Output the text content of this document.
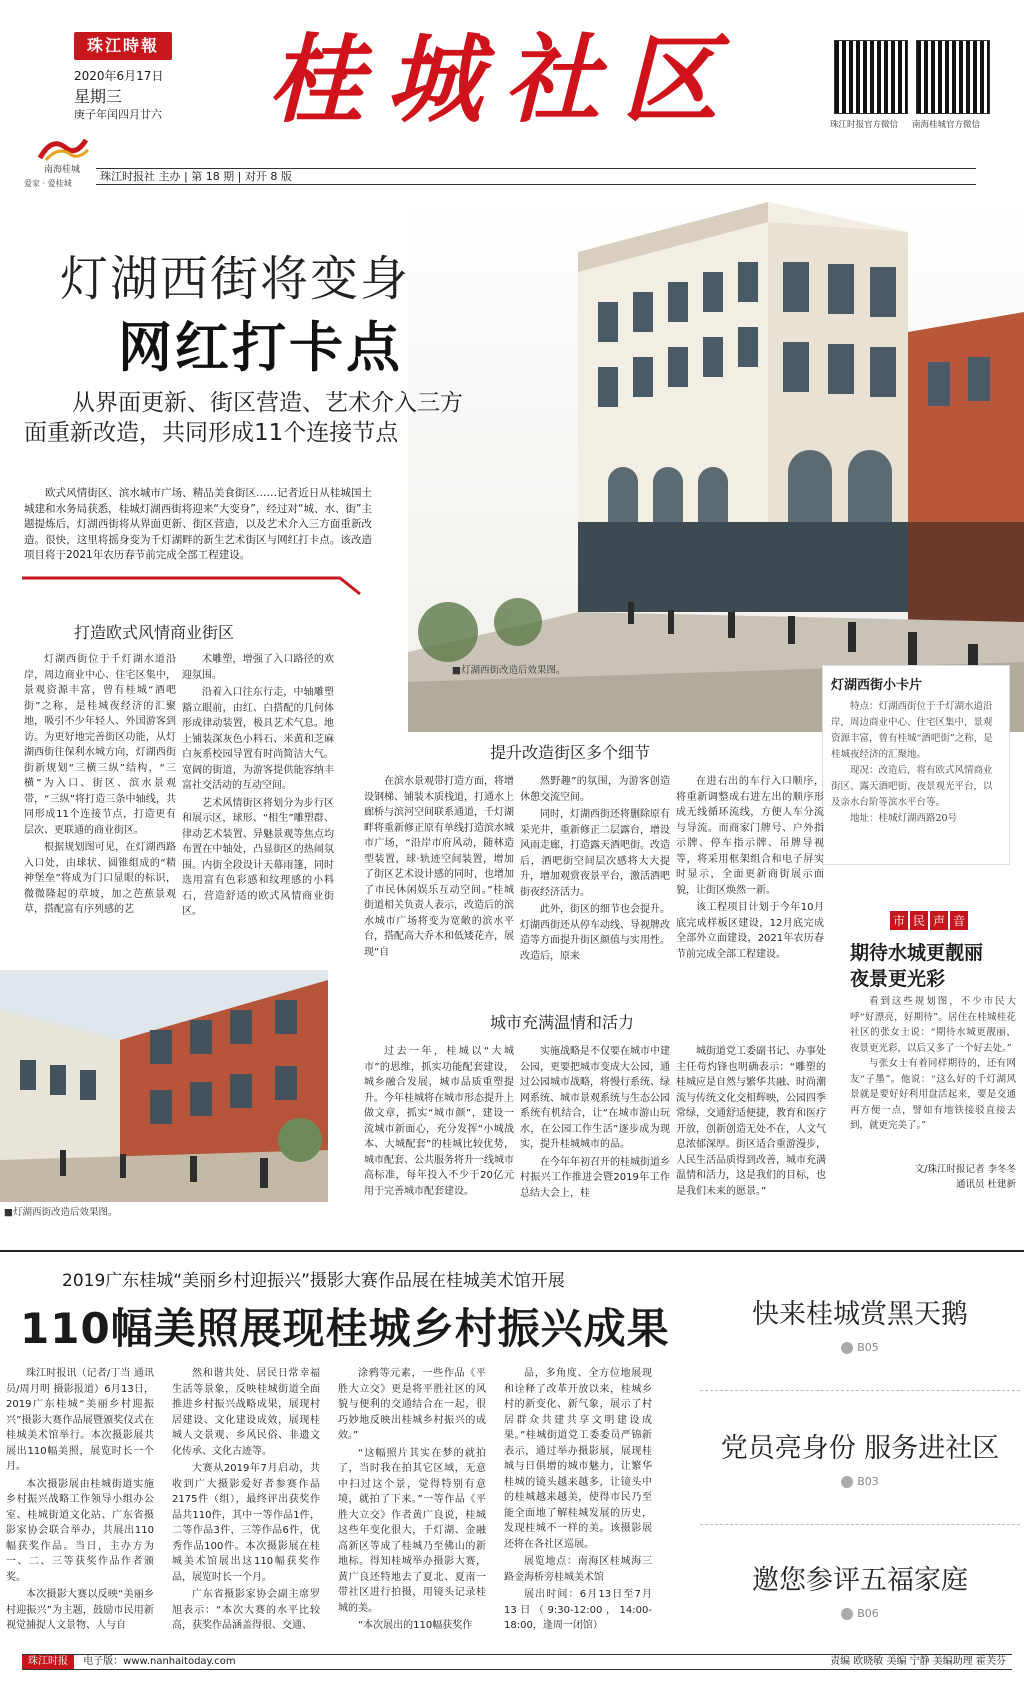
珠江時報
2020年6月17日
星期三
庚子年闰四月廿六 桂城社区	珠江时报官方微信 南海桂城官方微信
南海桂城
爱家 · 爱桂城
珠江时报社 主办 | 第 18 期 | 对开 8 版
灯湖西街将变身
网红打卡点
从界面更新、街区营造、艺术介入三方
面重新改造，共同形成11个连接节点

欧式风情街区、滨水城市广场、精品美食街区……记者近日从桂城国土城建和水务局获悉，桂城灯湖西街将迎来“大变身”，经过对“城、水、街”主题提炼后，灯湖西街将从界面更新、街区营造，以及艺术介入三方面重新改造。很快，这里将摇身变为千灯湖畔的新生艺术街区与网红打卡点。该改造项目将于2021年农历春节前完成全部工程建设。

打造欧式风情商业街区

灯湖西街位于千灯湖水道沿岸，周边商业中心、住宅区集中，景观资源丰富，曾有桂城“酒吧街”之称，是桂城夜经济的汇聚地，吸引不少年轻人、外国游客到访。为更好地完善街区功能，从灯湖西街往保利水城方向，灯湖西街街新规划“三横三纵”结构，“三横”为入口、街区、滨水景观带，“三纵”将打造三条中轴线，共同形成11个连接节点，打造更有层次、更联通的商业街区。

根据规划图可见，在灯湖西路入口处，由球状、圆锥组成的“精神堡垒”将成为门口显眼的标识，微微隆起的草坡，加之芭蕉景观草，搭配富有序列感的艺

术雕塑，增强了入口路径的欢迎氛围。

沿着入口往东行走，中轴雕塑豁立眼前，由红、白搭配的几何体形成律动装置，极具艺术气息。地上铺装深灰色小料石、米黄和芝麻白灰系校园导置有时尚简洁大气。宽阔的街道，为游客提供能容纳丰富社交活动的互动空间。

艺术风情街区将划分为步行区和展示区，球形、“相生”雕塑群、律动艺术装置、异魅景观等焦点均布置在中轴处，凸显街区的热闹氛围。内街全段设计天幕雨篷，同时选用富有色彩感和纹理感的小料石，营造舒适的欧式风情商业街区。

■灯湖西街改造后效果图。
灯湖西街小卡片

特点：灯湖西街位于千灯湖水道沿岸，周边商业中心、住宅区集中，景观资源丰富，曾有桂城“酒吧街”之称，是桂城夜经济的汇聚地。

现况：改造后，将有欧式风情商业街区、露天酒吧街、夜景观光平台，以及亲水台阶等滨水平台等。

地址：桂城灯湖西路20号

提升改造街区多个细节

在滨水景观带打造方面，将增设钢梯、铺装木质栈道，打通水上廊桥与滨河空间联系通道，千灯湖畔将重新修正原有单线打造滨水城市广场，“沿岸市府风动，随林造型装置，球·轨迹空间装置，增加了街区艺术设计感的同时，也增加了市民休闲娱乐互动空间。”桂城街道相关负责人表示，改造后的滨水城市广场将变为宽敞的滨水平台，搭配高大乔木和低矮花卉，展现“自

然野趣”的氛围，为游客创造休憩交流空间。

同时，灯湖西街还将删除原有采光井，重新修正二层露台，增设风雨走廊，打造露天酒吧街。改造后，酒吧街空间层次感将大大提升，增加观赏夜景平台，激活酒吧街夜经济活力。

此外，街区的细节也会提升。灯湖西街还从停车动线、导视牌改造等方面提升街区颜值与实用性。改造后，原来

在进右出的车行入口顺序，将重新调整成右进左出的顺序形成无线循环流线，方便人车分流与导流。而商家门牌号、户外指示牌、停车指示牌、吊牌导视等，将采用框架组合和电子屏实时显示，全面更新商街展示面貌，让街区焕然一新。

该工程项目计划于今年10月底完成样板区建设，12月底完成全部外立面建设，2021年农历春节前完成全部工程建设。

■灯湖西街改造后效果图。
城市充满温情和活力

过去一年，桂城以“大城市”的思维，抓实功能配套建设，城乡融合发展，城市品质重塑提升。今年桂城将在城市形态提升上做文章，抓实“城市颜”，建设一流城市新面心，充分发挥“小城战本、大城配套”的桂城比较优势，城市配套、公共服务将升一线城市高标准，每年投入不少于20亿元用于完善城市配套建设。

实施战略是不仅要在城市中建公园，更要把城市变成大公园，通过公园城市战略，将慢行系统、绿网系统、城市景观系统与生态公园系统有机结合，让“在城市游山玩水，在公园工作生活”逐步成为现实，提升桂城城市的品。

在今年年初召开的桂城街道乡村振兴工作推进会暨2019年工作总结大会上，桂

城街道党工委副书记、办事处主任苟灼锋也明确表示：“雕塑的桂城应是自然与繁华共融、时尚潮流与传统文化交相辉映，公园四季常绿，交通舒适便捷，教育和医疗开放，创新创造无处不在，人文气息浓郁深厚。街区适合重游漫步，人民生活品质得到改善，城市充满温情和活力，这是我们的目标，也是我们未来的愿景。”

市 民 声 音
期待水城更靓丽
夜景更光彩

看到这些规划图，不少市民大呼“好漂亮，好期待”。居住在桂城桂花社区的张女士说：“期待水城更靓丽，夜景更光彩，以后又多了一个好去处。”

与张女士有着同样期待的，还有网友“子墨”。他说：“这么好的千灯湖风景就是要好好利用盘活起来，要是交通再方便一点，譬如有地铁接驳直接去到，就更完美了。”

文/珠江时报记者 李冬冬
通讯员 杜建新
2019广东桂城“美丽乡村迎振兴”摄影大赛作品展在桂城美术馆开展
110幅美照展现桂城乡村振兴成果

珠江时报讯（记者/丁当 通讯员/周月明 摄影报道）6月13日，2019广东桂城“美丽乡村迎振兴”摄影大赛作品展暨颁奖仪式在桂城美术馆举行。本次摄影展共展出110幅美照，展览时长一个月。

本次摄影展由桂城街道实施乡村振兴战略工作领导小组办公室、桂城街道文化站、广东省摄影家协会联合举办，共展出110幅获奖作品。当日，主办方为一、二、三等获奖作品作者颁奖。

本次摄影大赛以反映“美丽乡村迎振兴”为主题，鼓励市民用新视觉捕捉人文景物、人与自

然和谐共处、居民日常幸福生活等景象，反映桂城街道全面推进乡村振兴战略成果，展现村居建设、文化建设成效，展现桂城人文景观、乡风民俗、非遗文化传承、文化古迹等。

大赛从2019年7月启动，共收到广大摄影爱好者参赛作品2175件（组），最终评出获奖作品共110件，其中一等作品1件，二等作品3件，三等作品6件，优秀作品100件。本次摄影展在桂城美术馆展出这110幅获奖作品，展览时长一个月。

广东省摄影家协会副主席罗旭表示：“本次大赛的水平比较高，获奖作品涵盖得很、交通、

涂鸦等元素，一些作品《平胜大立交》更是将平胜社区的风貌与便利的交通结合在一起，很巧妙地反映出桂城乡村振兴的成效。”

“这幅照片其实在梦的就拍了，当时我在拍其它区域，无意中扫过这个景，觉得特别有意境，就拍了下来。”一等作品《平胜大立交》作者黄广良说，桂城这些年变化很大，千灯湖、金融高新区等成了桂城乃至佛山的新地标。得知桂城举办摄影大赛，黄广良还特地去了夏北、夏南一带社区进行拍摄，用镜头记录桂城的美。

“本次展出的110幅获奖作

品，多角度、全方位地展现和诠释了改革开放以来，桂城乡村的新变化、新气象，展示了村居群众共建共享文明建设成果。”桂城街道党工委委员严锦新表示，通过举办摄影展，展现桂城与日俱增的城市魅力，让繁华桂城的镜头越来越多，让镜头中的桂城越来越美，使得市民乃至能全面地了解桂城发展的历史，发现桂城不一样的美。该摄影展还将在各社区巡展。

展览地点：南海区桂城海三路金海桥旁桂城美术馆

展出时间：6月13日至7月13日（9:30-12:00，14:00-18:00，逢周一闭馆）

快来桂城赏黑天鹅
B05
党员亮身份 服务进社区
B03
邀您参评五福家庭
B06
珠江时报 电子版：www.nanhaitoday.com	责编 欧晓敏 美编 宁静 美编助理 霍芙芬
